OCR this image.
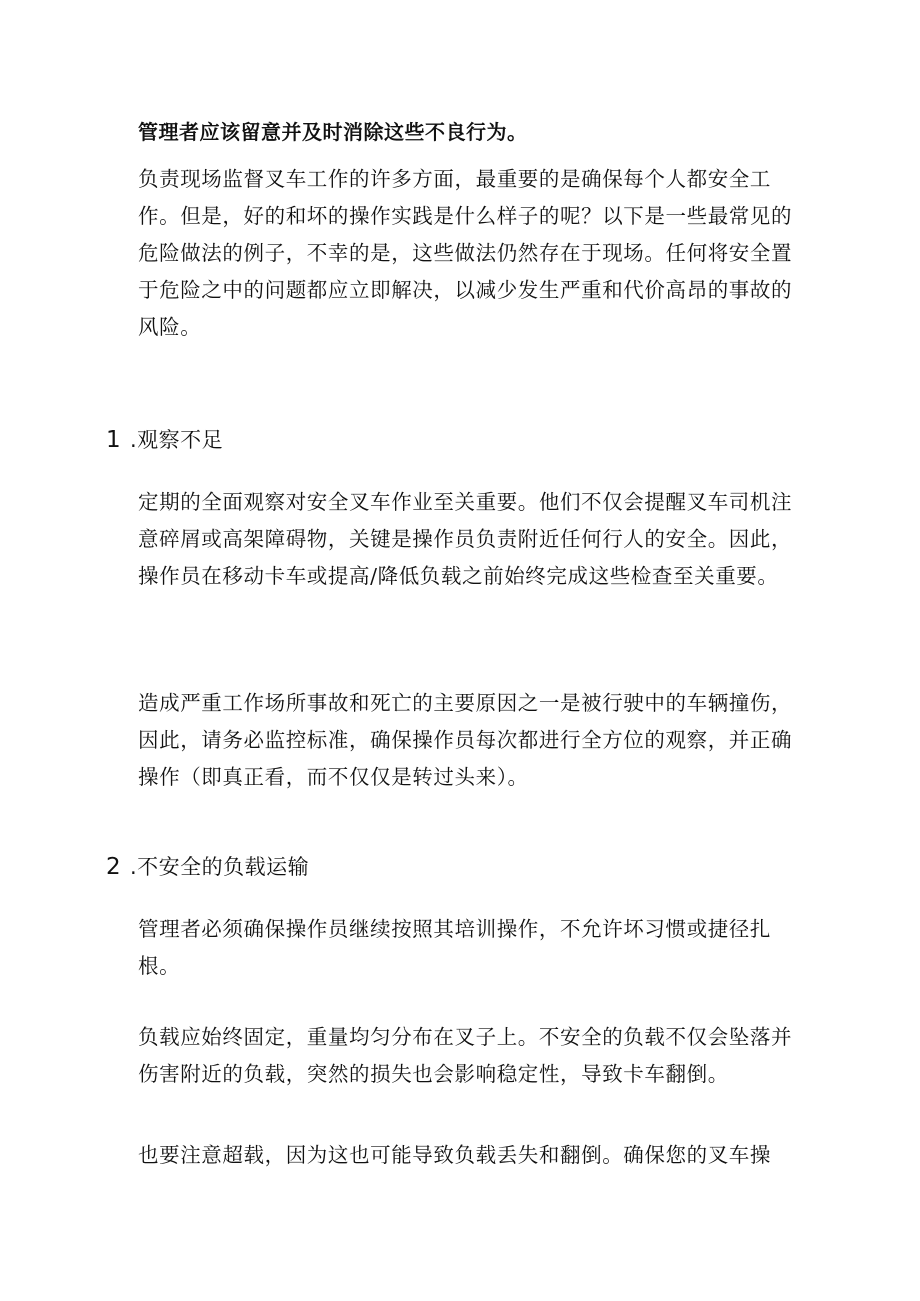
管理者应该留意并及时消除这些不良行为。

负责现场监督叉车工作的许多方面，最重要的是确保每个人都安全工作。但是，好的和坏的操作实践是什么样子的呢？以下是一些最常见的危险做法的例子，不幸的是，这些做法仍然存在于现场。任何将安全置于危险之中的问题都应立即解决，以减少发生严重和代价高昂的事故的风险。

1 .观察不足

定期的全面观察对安全叉车作业至关重要。他们不仅会提醒叉车司机注意碎屑或高架障碍物，关键是操作员负责附近任何行人的安全。因此，操作员在移动卡车或提高/降低负载之前始终完成这些检查至关重要。

造成严重工作场所事故和死亡的主要原因之一是被行驶中的车辆撞伤，因此，请务必监控标准，确保操作员每次都进行全方位的观察，并正确操作（即真正看，而不仅仅是转过头来）。

2 .不安全的负载运输

管理者必须确保操作员继续按照其培训操作，不允许坏习惯或捷径扎根。

负载应始终固定，重量均匀分布在叉子上。不安全的负载不仅会坠落并伤害附近的负载，突然的损失也会影响稳定性，导致卡车翻倒。

也要注意超载，因为这也可能导致负载丢失和翻倒。确保您的叉车操
